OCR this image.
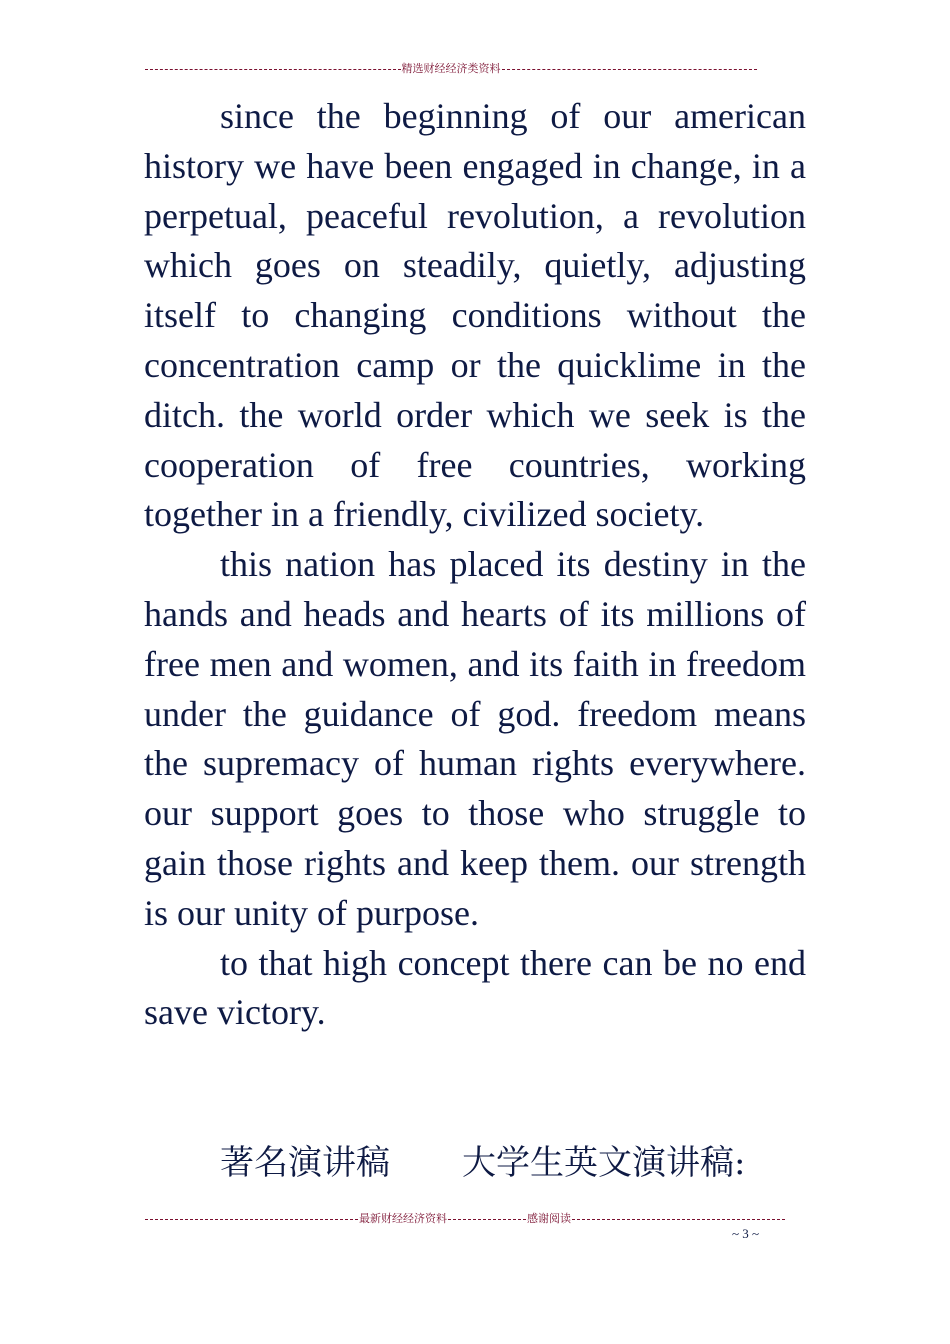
精选财经经济类资料

since the beginning of our american history we have been engaged in change, in a perpetual, peaceful revolution, a revolution which goes on steadily, quietly, adjusting itself to changing conditions without the concentration camp or the quicklime in the ditch. the world order which we seek is the cooperation of free countries, working together in a friendly, civilized society.

this nation has placed its destiny in the hands and heads and hearts of its millions of free men and women, and its faith in freedom under the guidance of god. freedom means the supremacy of human rights everywhere. our support goes to those who struggle to gain those rights and keep them. our strength is our unity of purpose.

to that high concept there can be no end save victory.

著名演讲稿 大学生英文演讲稿:
最新财经经济资料	感谢阅读
~ 3 ~
